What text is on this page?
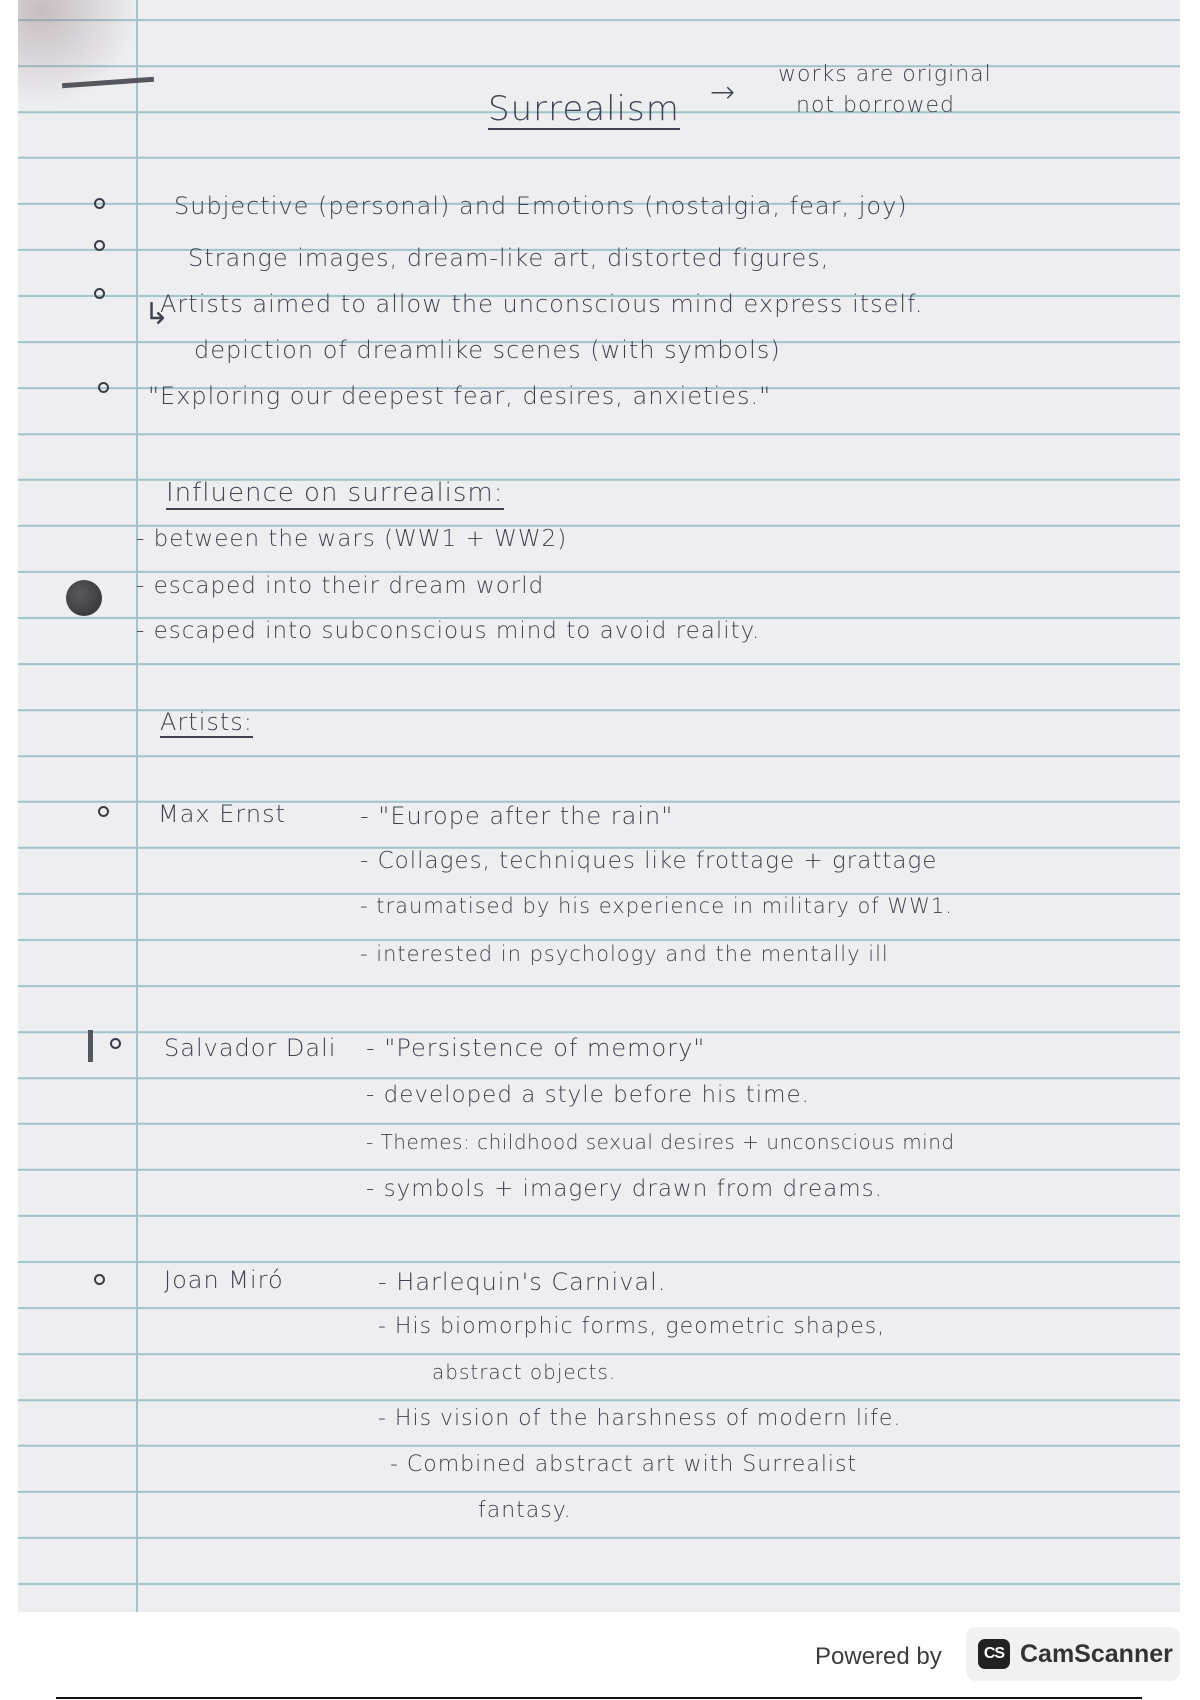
Surrealism →
works are original
not borrowed
Subjective (personal) and Emotions (nostalgia, fear, joy)
Strange images, dream-like art, distorted figures,
Artists aimed to allow the unconscious mind express itself.
↳
depiction of dreamlike scenes (with symbols)
"Exploring our deepest fear, desires, anxieties."
Influence on surrealism:
- between the wars (WW1 + WW2)
- escaped into their dream world
- escaped into subconscious mind to avoid reality.
Artists:
Max Ernst	- "Europe after the rain"
- Collages, techniques like frottage + grattage
- traumatised by his experience in military of WW1.
- interested in psychology and the mentally ill
Salvador Dali - "Persistence of memory"
- developed a style before his time.
- Themes: childhood sexual desires + unconscious mind
- symbols + imagery drawn from dreams.
Joan Miró	- Harlequin's Carnival.
- His biomorphic forms, geometric shapes,
abstract objects.
- His vision of the harshness of modern life.
- Combined abstract art with Surrealist
fantasy.
Powered by	CS CamScanner
